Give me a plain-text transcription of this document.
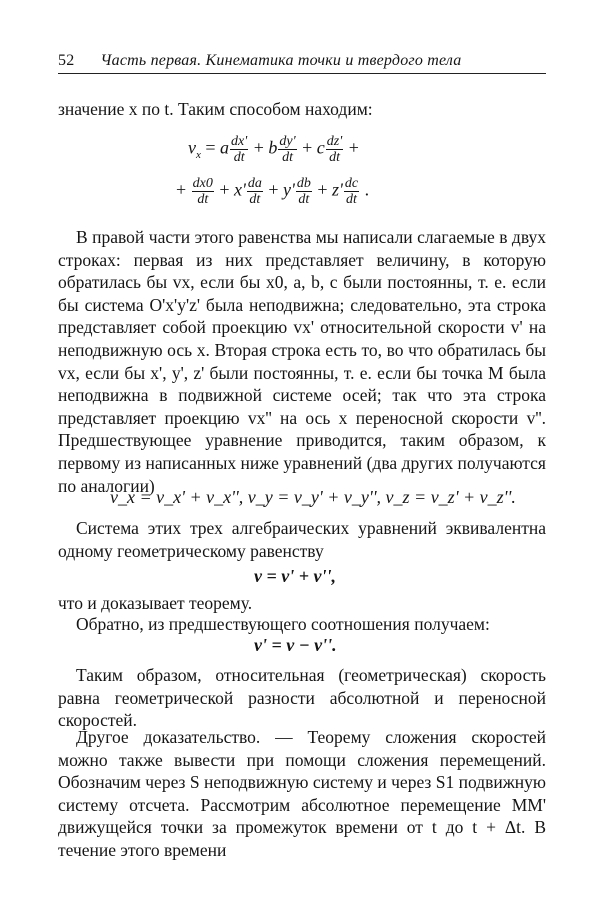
52 Часть первая. Кинематика точки и твердого тела
значение x по t. Таким способом находим:
$v_x = a \frac{dx'}{dt} + b \frac{dy'}{dt} + c \frac{dz'}{dt}$ +
+ $\frac{dx0}{dt} + x' \frac{da}{dt} + y' \frac{db}{dt} + z' \frac{dc}{dt}$ .
В правой части этого равенства мы написали слагаемые в двух строках: первая из них представляет величину, в которую обратилась бы vx, если бы x0, a, b, c были постоянны, т. е. если бы система O'x'y'z' была неподвижна; следовательно, эта строка представляет собой проекцию vx' относительной скорости v' на неподвижную ось x. Вторая строка есть то, во что обратилась бы vx, если бы x', y', z' были постоянны, т. е. если бы точка M была неподвижна в подвижной системе осей; так что эта строка представляет проекцию vx'' на ось x переносной скорости v''. Предшествующее уравнение приводится, таким образом, к первому из написанных ниже уравнений (два других получаются по аналогии)
v_x = v_x' + v_x'', v_y = v_y' + v_y'', v_z = v_z' + v_z''.
Система этих трех алгебраических уравнений эквивалентна одному геометрическому равенству
v = v' + v'',
что и доказывает теорему.
Обратно, из предшествующего соотношения получаем:
v' = v − v''.
Таким образом, относительная (геометрическая) скорость равна геометрической разности абсолютной и переносной скоростей.
Другое доказательство. — Теорему сложения скоростей можно также вывести при помощи сложения перемещений. Обозначим через S неподвижную систему и через S1 подвижную систему отсчета. Рассмотрим абсолютное перемещение MM' движущейся точки за промежуток времени от t до t + Δt. В течение этого времени
